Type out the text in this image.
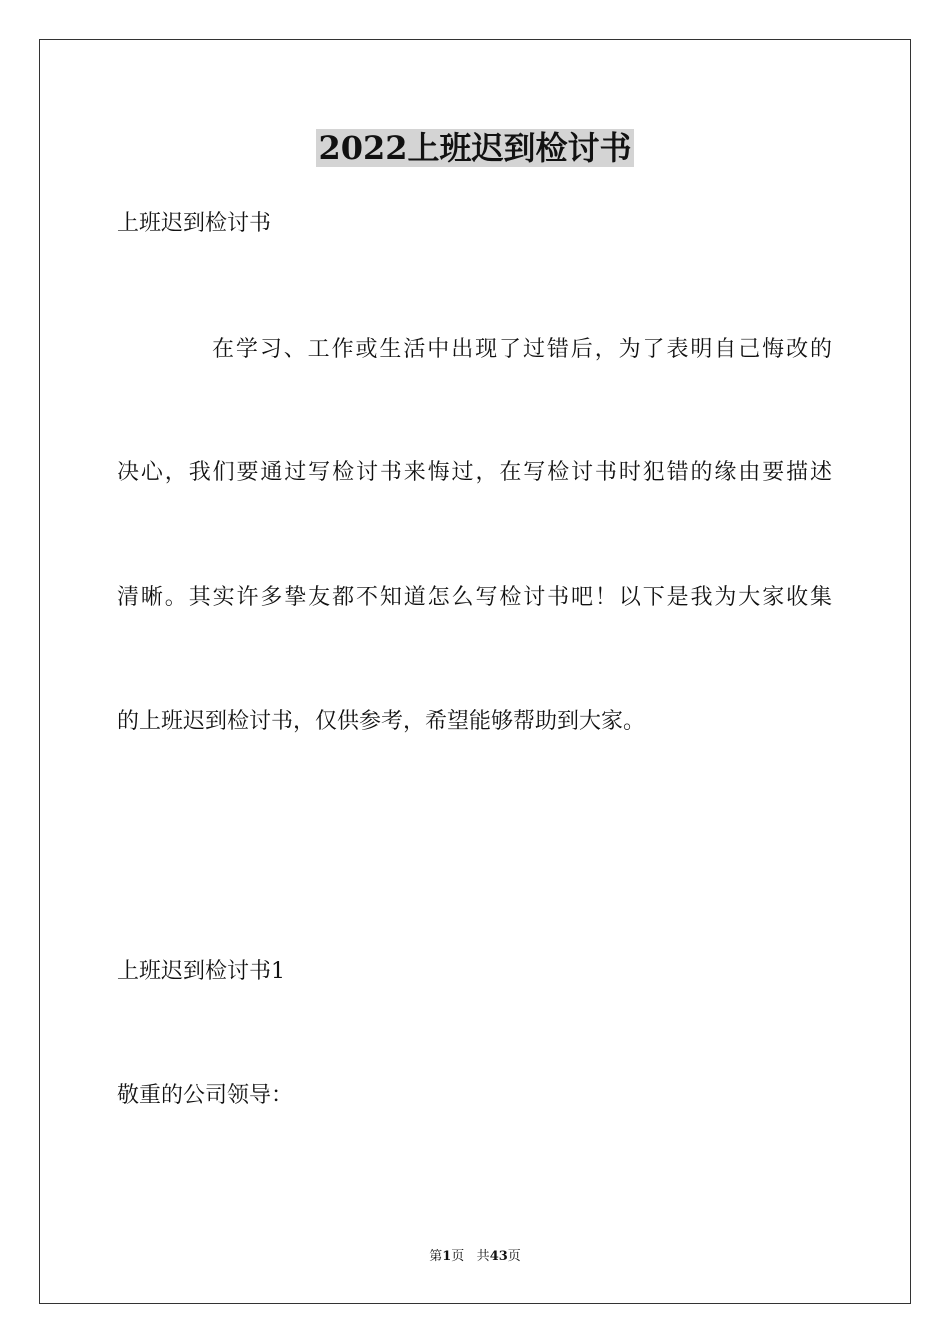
2022上班迟到检讨书

上班迟到检讨书

在学习、工作或生活中出现了过错后，为了表明自己悔改的

决心，我们要通过写检讨书来悔过，在写检讨书时犯错的缘由要描述

清晰。其实许多挚友都不知道怎么写检讨书吧！以下是我为大家收集

的上班迟到检讨书，仅供参考，希望能够帮助到大家。

上班迟到检讨书1

敬重的公司领导：

第1页 共43页
